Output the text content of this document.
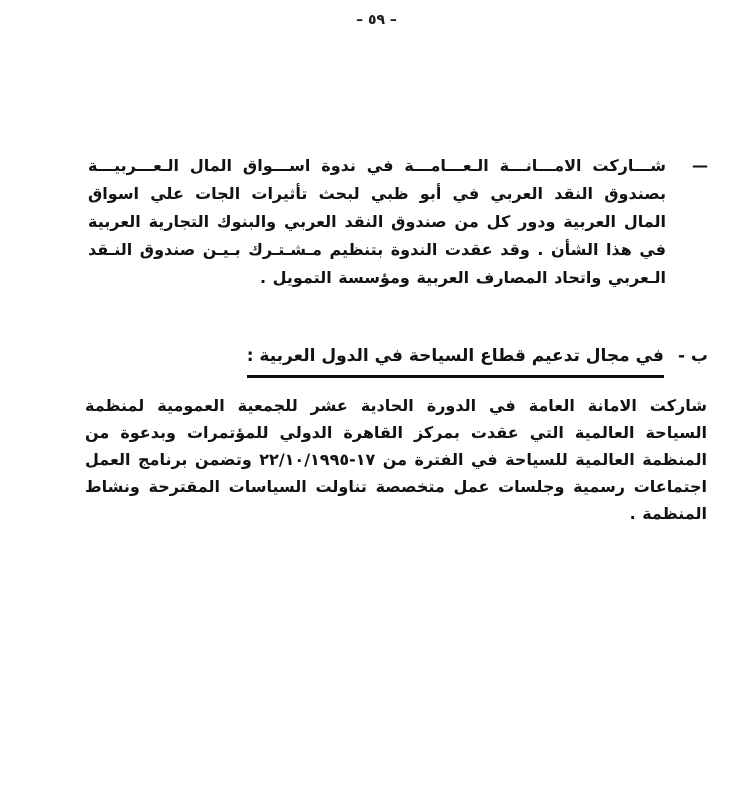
– ٥٩ –
—

شـــاركت الامـــانـــة الـعـــامـــة في ندوة اســـواق المال الـعـــربيـــة بصندوق النقد العربي في أبو ظبي لبحث تأثيرات الجات علي اسواق المال العربية ودور كل من صندوق النقد العربي والبنوك التجارية العربية في هذا الشأن . وقد عقدت الندوة بتنظيم مـشـتـرك بـيـن صندوق النـقد الـعربي واتحاد المصارف العربية ومؤسسة التمويل .

ب -
في مجال تدعيم قطاع السياحة في الدول العربية :

شاركت الامانة العامة في الدورة الحادية عشر للجمعية العمومية لمنظمة السياحة العالمية التي عقدت بمركز القاهرة الدولي للمؤتمرات وبدعوة من المنظمة العالمية للسياحة في الفترة من ١٧-٢٢/١٠/١٩٩٥ وتضمن برنامج العمل اجتماعات رسمية وجلسات عمل متخصصة تناولت السياسات المقترحة ونشاط المنظمة .
